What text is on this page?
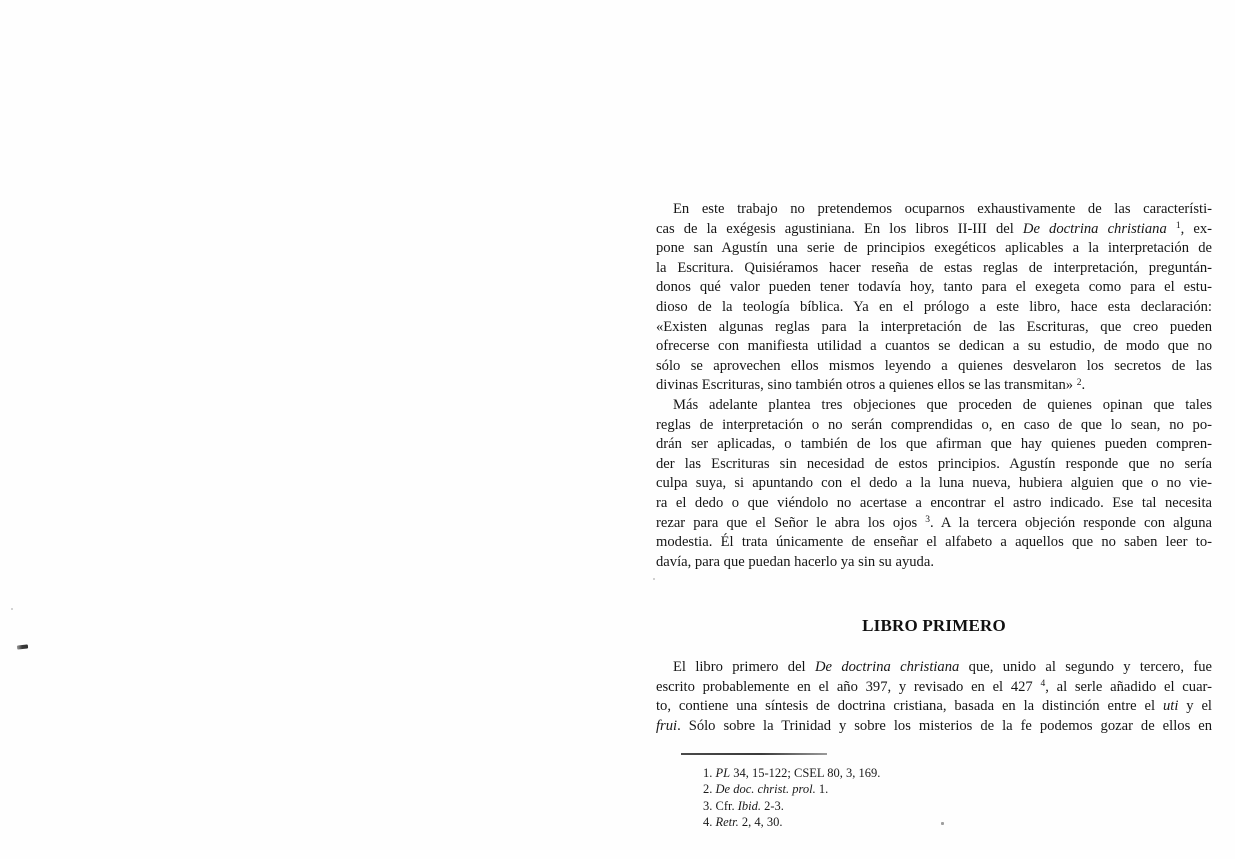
En este trabajo no pretendemos ocuparnos exhaustivamente de las característi-
cas de la exégesis agustiniana. En los libros II-III del De doctrina christiana $^1$, ex-
pone san Agustín una serie de principios exegéticos aplicables a la interpretación de
la Escritura. Quisiéramos hacer reseña de estas reglas de interpretación, preguntán-
donos qué valor pueden tener todavía hoy, tanto para el exegeta como para el estu-
dioso de la teología bíblica. Ya en el prólogo a este libro, hace esta declaración:
«Existen algunas reglas para la interpretación de las Escrituras, que creo pueden
ofrecerse con manifiesta utilidad a cuantos se dedican a su estudio, de modo que no
sólo se aprovechen ellos mismos leyendo a quienes desvelaron los secretos de las
divinas Escrituras, sino también otros a quienes ellos se las transmitan» $^2$.
Más adelante plantea tres objeciones que proceden de quienes opinan que tales
reglas de interpretación o no serán comprendidas o, en caso de que lo sean, no po-
drán ser aplicadas, o también de los que afirman que hay quienes pueden compren-
der las Escrituras sin necesidad de estos principios. Agustín responde que no sería
culpa suya, si apuntando con el dedo a la luna nueva, hubiera alguien que o no vie-
ra el dedo o que viéndolo no acertase a encontrar el astro indicado. Ese tal necesita
rezar para que el Señor le abra los ojos $^3$. A la tercera objeción responde con alguna
modestia. Él trata únicamente de enseñar el alfabeto a aquellos que no saben leer to-
davía, para que puedan hacerlo ya sin su ayuda.
LIBRO PRIMERO
El libro primero del De doctrina christiana que, unido al segundo y tercero, fue
escrito probablemente en el año 397, y revisado en el 427 $^4$, al serle añadido el cuar-
to, contiene una síntesis de doctrina cristiana, basada en la distinción entre el uti y el
frui. Sólo sobre la Trinidad y sobre los misterios de la fe podemos gozar de ellos en
1. PL 34, 15-122; CSEL 80, 3, 169.
2. De doc. christ. prol. 1.
3. Cfr. Ibid. 2-3.
4. Retr. 2, 4, 30.
